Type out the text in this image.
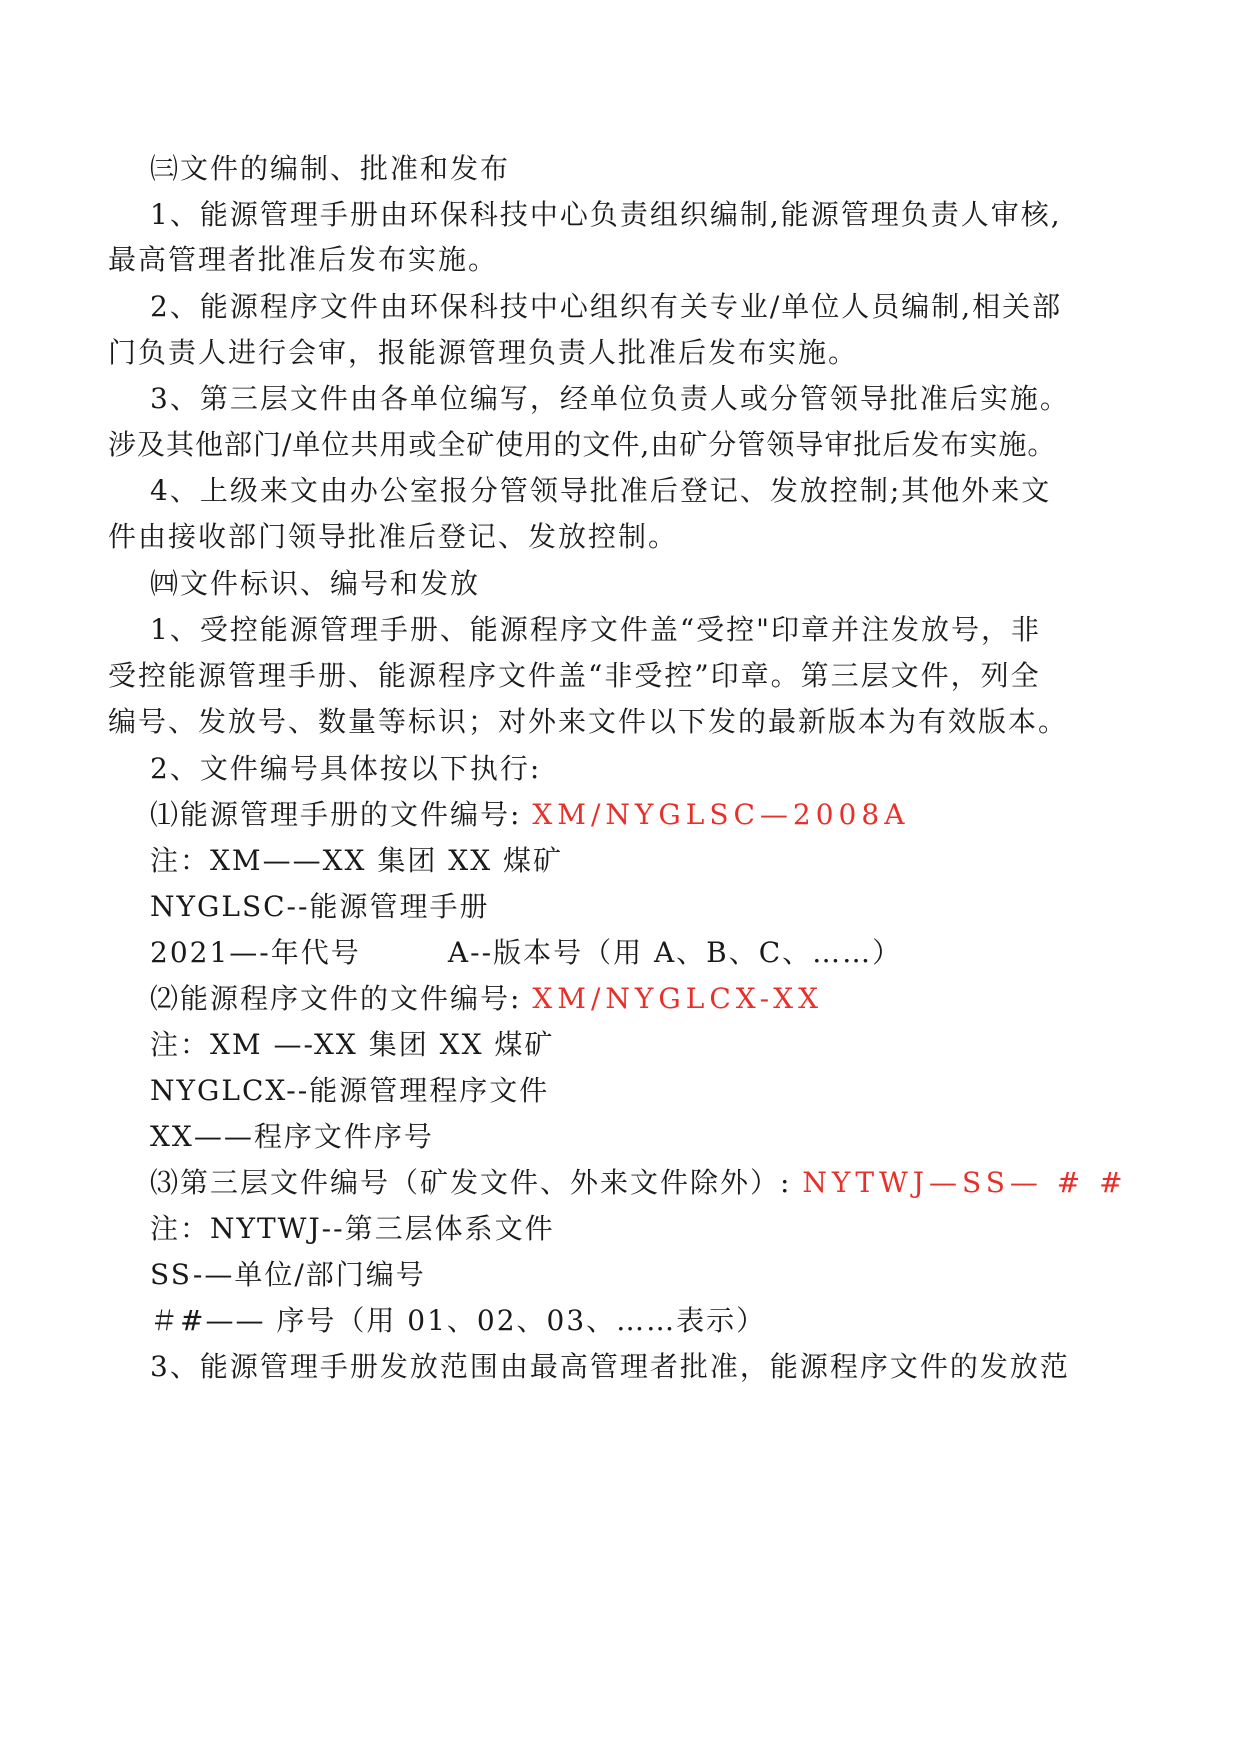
㈢文件的编制、批准和发布
1、能源管理手册由环保科技中心负责组织编制,能源管理负责人审核,
最高管理者批准后发布实施。
2、能源程序文件由环保科技中心组织有关专业/单位人员编制,相关部
门负责人进行会审，报能源管理负责人批准后发布实施。
3、第三层文件由各单位编写，经单位负责人或分管领导批准后实施。
涉及其他部门/单位共用或全矿使用的文件,由矿分管领导审批后发布实施。
4、上级来文由办公室报分管领导批准后登记、发放控制;其他外来文
件由接收部门领导批准后登记、发放控制。
㈣文件标识、编号和发放
1、受控能源管理手册、能源程序文件盖“受控"印章并注发放号，非
受控能源管理手册、能源程序文件盖“非受控”印章。第三层文件，列全
编号、发放号、数量等标识；对外来文件以下发的最新版本为有效版本。
2、文件编号具体按以下执行:
⑴能源管理手册的文件编号: XM/NYGLSC—2008A
注：XM——XX 集团 XX 煤矿
NYGLSC--能源管理手册
2021—-年代号        A--版本号（用 A、B、C、……）
⑵能源程序文件的文件编号: XM/NYGLCX-XX
注：XM —-XX 集团 XX 煤矿
NYGLCX--能源管理程序文件
XX——程序文件序号
⑶第三层文件编号（矿发文件、外来文件除外）: NYTWJ—SS— # #
注：NYTWJ--第三层体系文件
SS-—单位/部门编号
＃#—— 序号（用 01、02、03、……表示）
3、能源管理手册发放范围由最高管理者批准，能源程序文件的发放范
